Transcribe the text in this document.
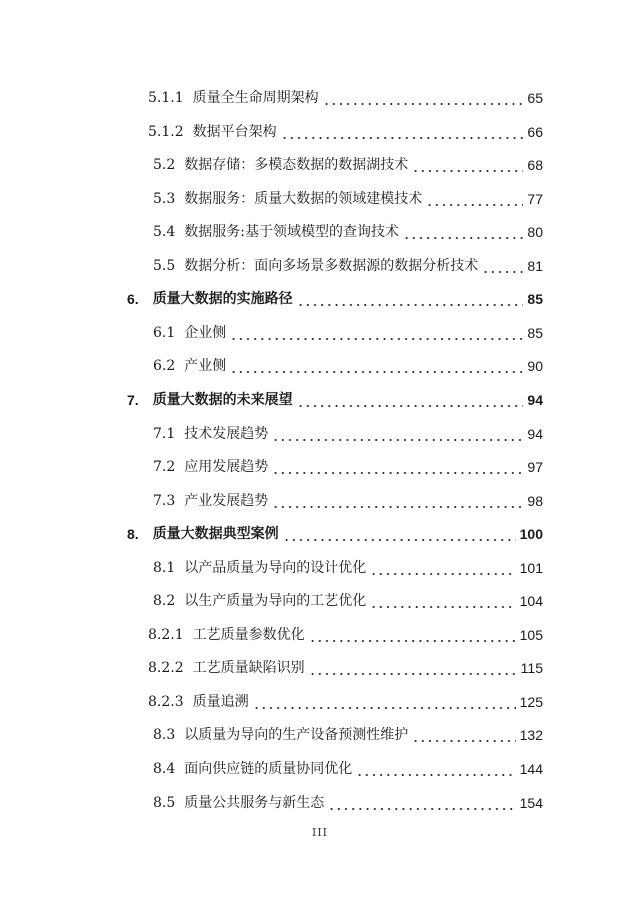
5.1.1 质量全生命周期架构	65
5.1.2 数据平台架构	66
5.2 数据存储：多模态数据的数据湖技术	68
5.3 数据服务：质量大数据的领域建模技术	77
5.4 数据服务:基于领域模型的查询技术	80
5.5 数据分析：面向多场景多数据源的数据分析技术	81
6. 质量大数据的实施路径	85
6.1 企业侧	85
6.2 产业侧	90
7. 质量大数据的未来展望	94
7.1 技术发展趋势	94
7.2 应用发展趋势	97
7.3 产业发展趋势	98
8. 质量大数据典型案例	100
8.1 以产品质量为导向的设计优化	101
8.2 以生产质量为导向的工艺优化	104
8.2.1 工艺质量参数优化	105
8.2.2 工艺质量缺陷识别	115
8.2.3 质量追溯	125
8.3 以质量为导向的生产设备预测性维护	132
8.4 面向供应链的质量协同优化	144
8.5 质量公共服务与新生态	154
III
